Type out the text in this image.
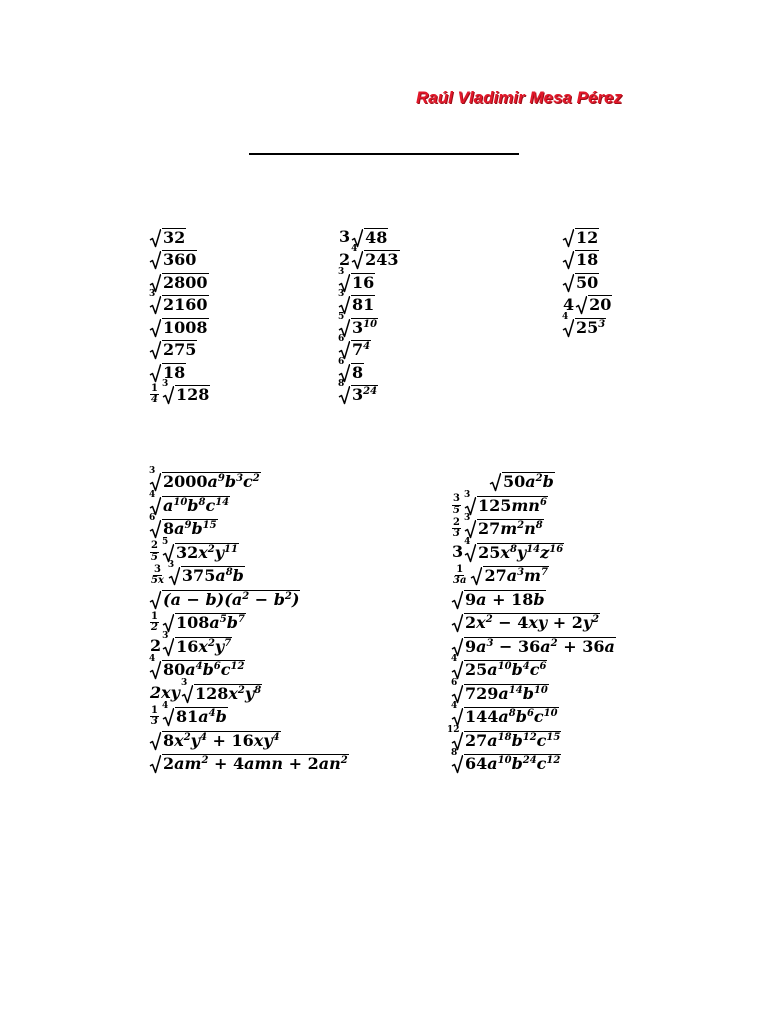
Raúl Vladimir Mesa Pérez
32
360
2800
3
2160
1008
275
18
$\frac{1}{4} 3$
128
3 48
2
4
243
3
16
3
81
5
$3^{10}$
6
$7^4$
6
8
8
$3^{24}$
12
18
50
4 20
4
$25^3$
3
$2000a^9b^3c^2$
4
$a^{10}b^8c^{14}$
6
$8a^9b^{15}$
$\frac{2}{5} 5$
$32x^2y^{11}$
$\frac{3}{5x} 3$
$375a^8b$
$(a - b)(a^2 - b^2)$
$\frac{1}{2} 108a^5b^7$
2
3
$16x^2y^7$
4
$80a^4b^6c^{12}$
2xy
3
$128x^2y^8$
$\frac{1}{3} 4$
$81a^4b$
$8x^2y^4 + 16xy^4$
$2am^2 + 4amn + 2an^2$
$50a^2b$
$\frac{3}{5} 3$
$125mn^6$
$\frac{2}{3} 3$
$27m^2n^8$
3
4
$25x^8y^{14}z^{16}$
$\frac{1}{3a} 27a^3m^7$
9a + 18b
$2x^2 - 4xy + 2y^2$
$9a^3 - 36a^2 + 36a$
4
$25a^{10}b^4c^6$
6
$729a^{14}b^{10}$
4
$144a^8b^6c^{10}$
12
$27a^{18}b^{12}c^{15}$
8
$64a^{10}b^{24}c^{12}$
